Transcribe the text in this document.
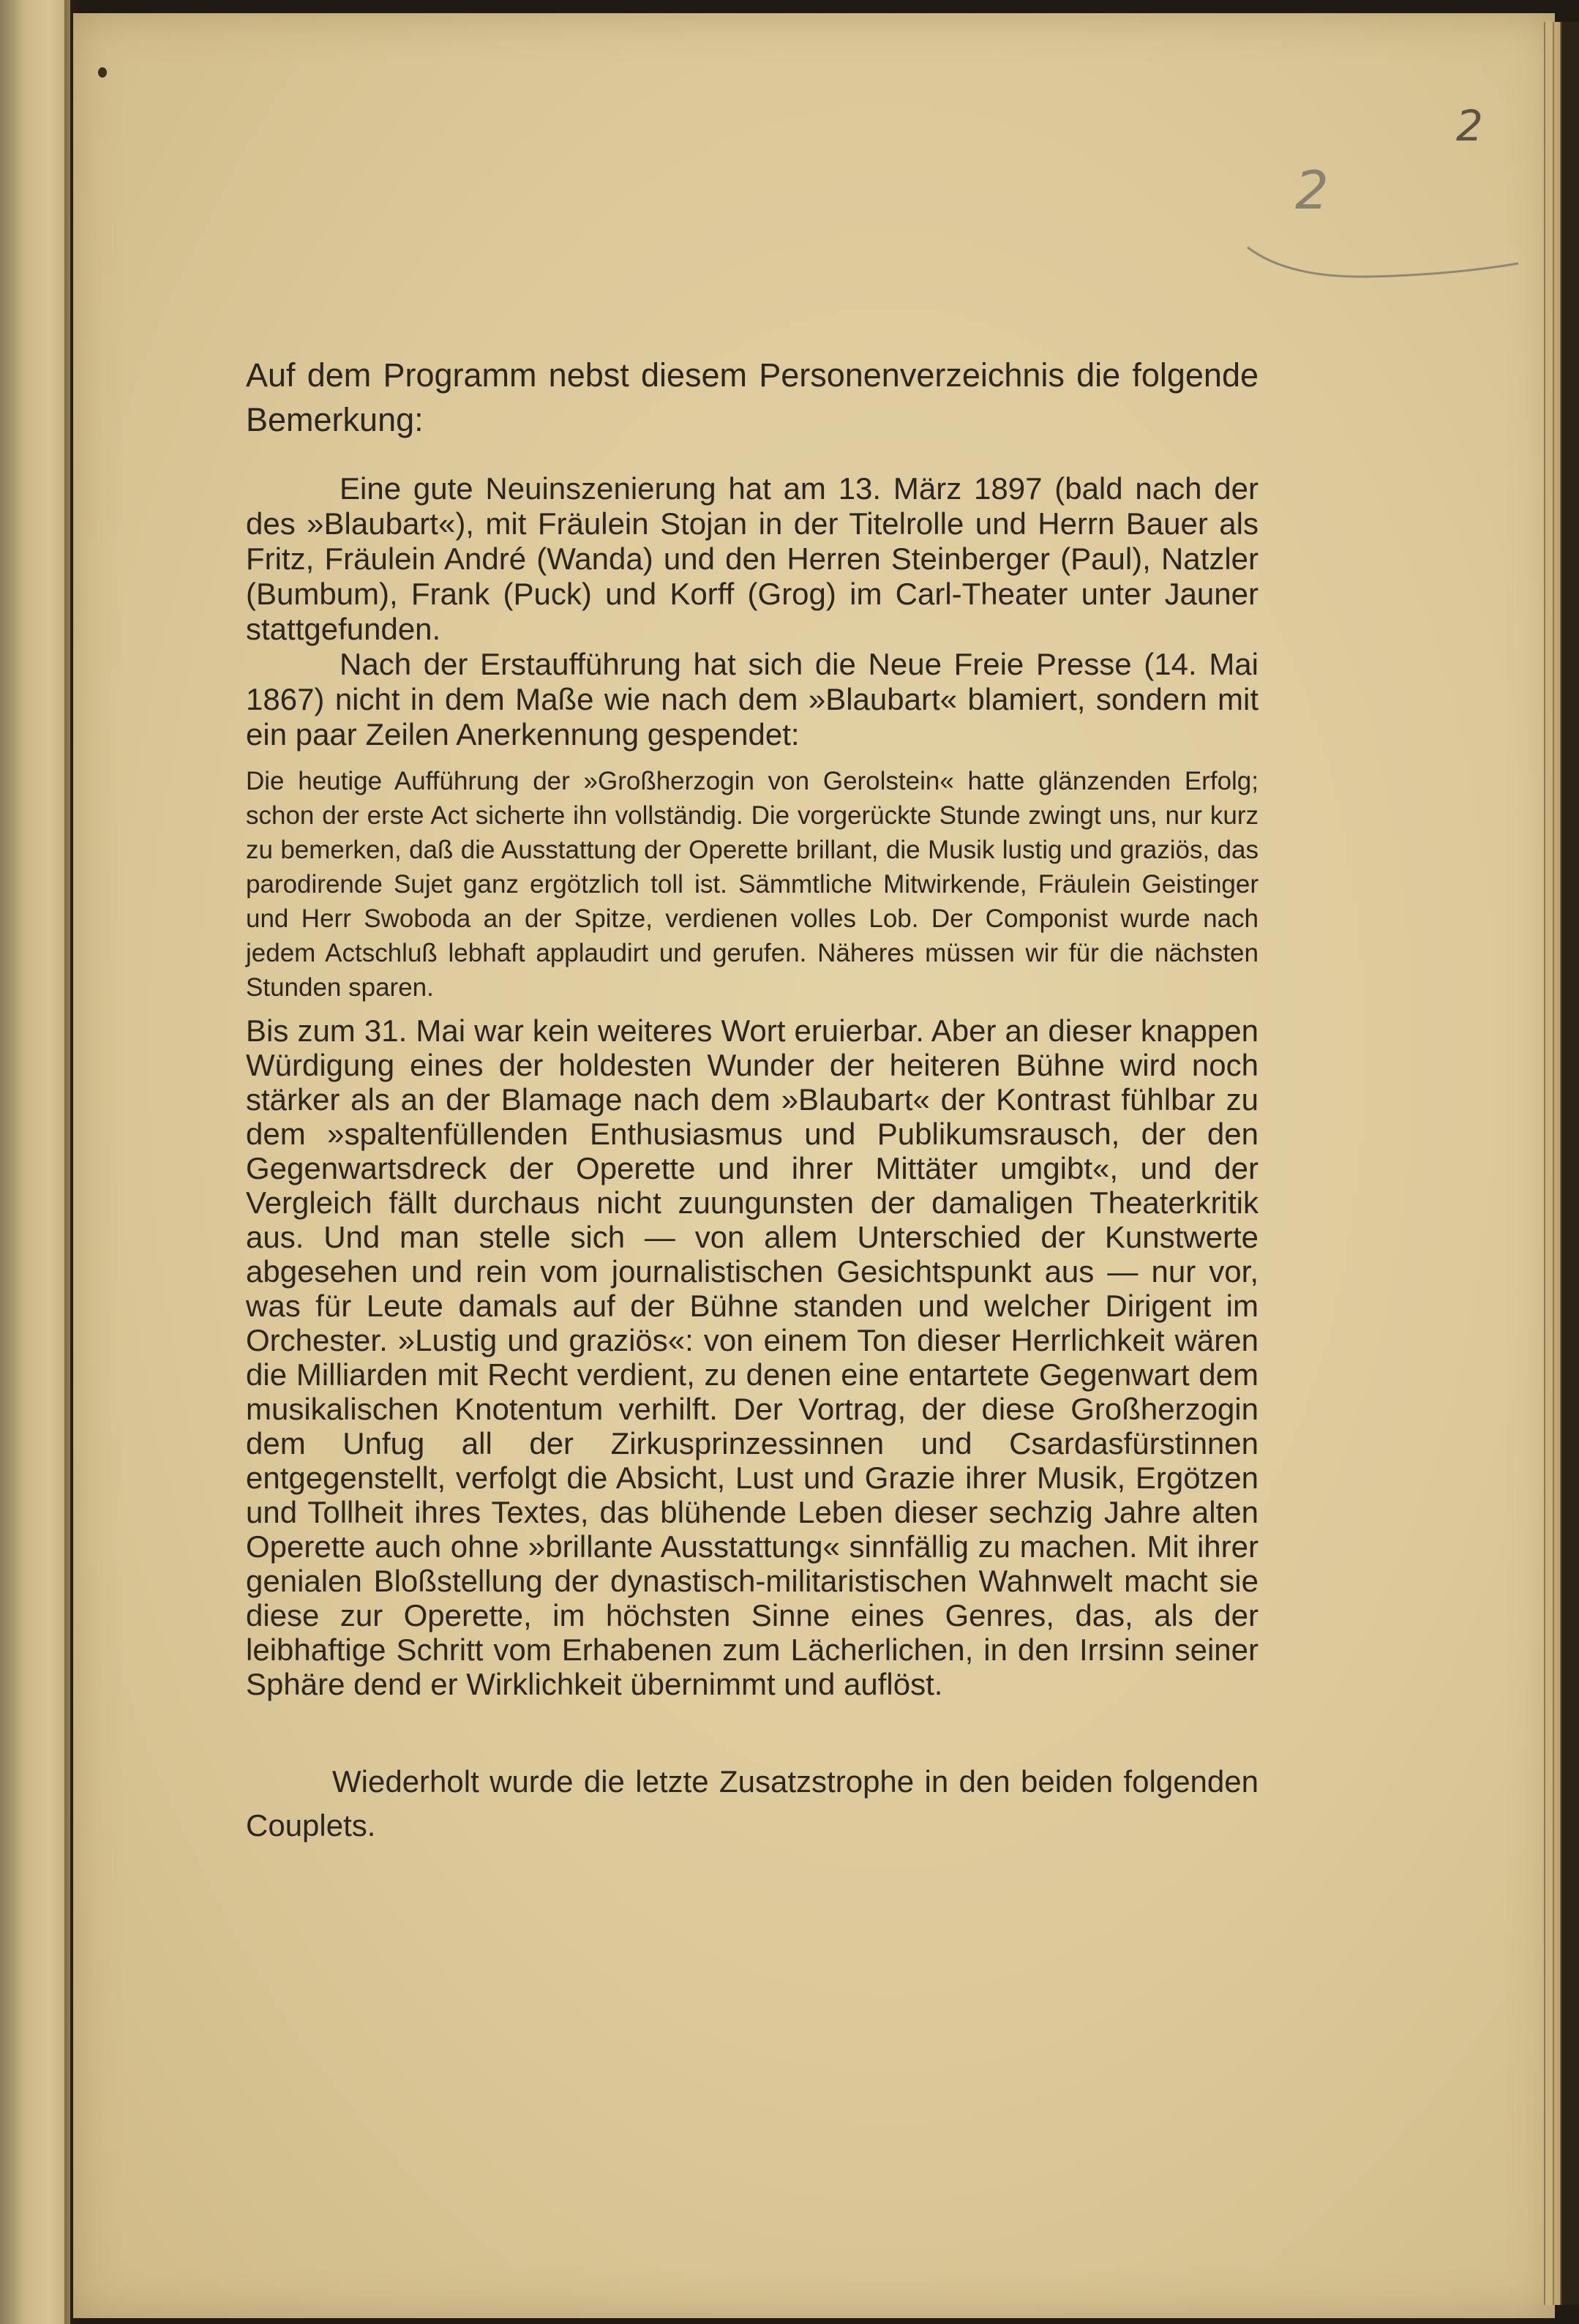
2
2

Auf dem Programm nebst diesem Personenverzeichnis die folgende Bemerkung:

Eine gute Neuinszenierung hat am 13. März 1897 (bald nach der des »Blaubart«), mit Fräulein Stojan in der Titelrolle und Herrn Bauer als Fritz, Fräulein André (Wanda) und den Herren Steinberger (Paul), Natzler (Bumbum), Frank (Puck) und Korff (Grog) im Carl-Theater unter Jauner stattgefunden.

Nach der Erstaufführung hat sich die Neue Freie Presse (14. Mai 1867) nicht in dem Maße wie nach dem »Blaubart« blamiert, sondern mit ein paar Zeilen Anerkennung gespendet:

Die heutige Aufführung der »Großherzogin von Gerolstein« hatte glänzenden Erfolg; schon der erste Act sicherte ihn vollständig. Die vorgerückte Stunde zwingt uns, nur kurz zu bemerken, daß die Ausstattung der Operette brillant, die Musik lustig und graziös, das parodirende Sujet ganz ergötzlich toll ist. Sämmtliche Mitwirkende, Fräulein Geistinger und Herr Swoboda an der Spitze, verdienen volles Lob. Der Componist wurde nach jedem Actschluß lebhaft applaudirt und gerufen. Näheres müssen wir für die nächsten Stunden sparen.

Bis zum 31. Mai war kein weiteres Wort eruierbar. Aber an dieser knappen Würdigung eines der holdesten Wunder der heiteren Bühne wird noch stärker als an der Blamage nach dem »Blaubart« der Kontrast fühlbar zu dem »spaltenfüllenden Enthusiasmus und Publikumsrausch, der den Gegenwartsdreck der Operette und ihrer Mittäter umgibt«, und der Vergleich fällt durchaus nicht zuungunsten der damaligen Theaterkritik aus. Und man stelle sich — von allem Unterschied der Kunstwerte abgesehen und rein vom journalistischen Gesichtspunkt aus — nur vor, was für Leute damals auf der Bühne standen und welcher Dirigent im Orchester. »Lustig und graziös«: von einem Ton dieser Herrlichkeit wären die Milliarden mit Recht verdient, zu denen eine entartete Gegenwart dem musikalischen Knotentum verhilft. Der Vortrag, der diese Großherzogin dem Unfug all der Zirkusprinzessinnen und Csardasfürstinnen entgegenstellt, verfolgt die Absicht, Lust und Grazie ihrer Musik, Ergötzen und Tollheit ihres Textes, das blühende Leben dieser sechzig Jahre alten Operette auch ohne »brillante Ausstattung« sinnfällig zu machen. Mit ihrer genialen Bloßstellung der dynastisch-militaristischen Wahnwelt macht sie diese zur Operette, im höchsten Sinne eines Genres, das, als der leibhaftige Schritt vom Erhabenen zum Lächerlichen, in den Irrsinn seiner Sphäre dend er Wirklichkeit übernimmt und auflöst.

Wiederholt wurde die letzte Zusatzstrophe in den beiden folgenden Couplets.
